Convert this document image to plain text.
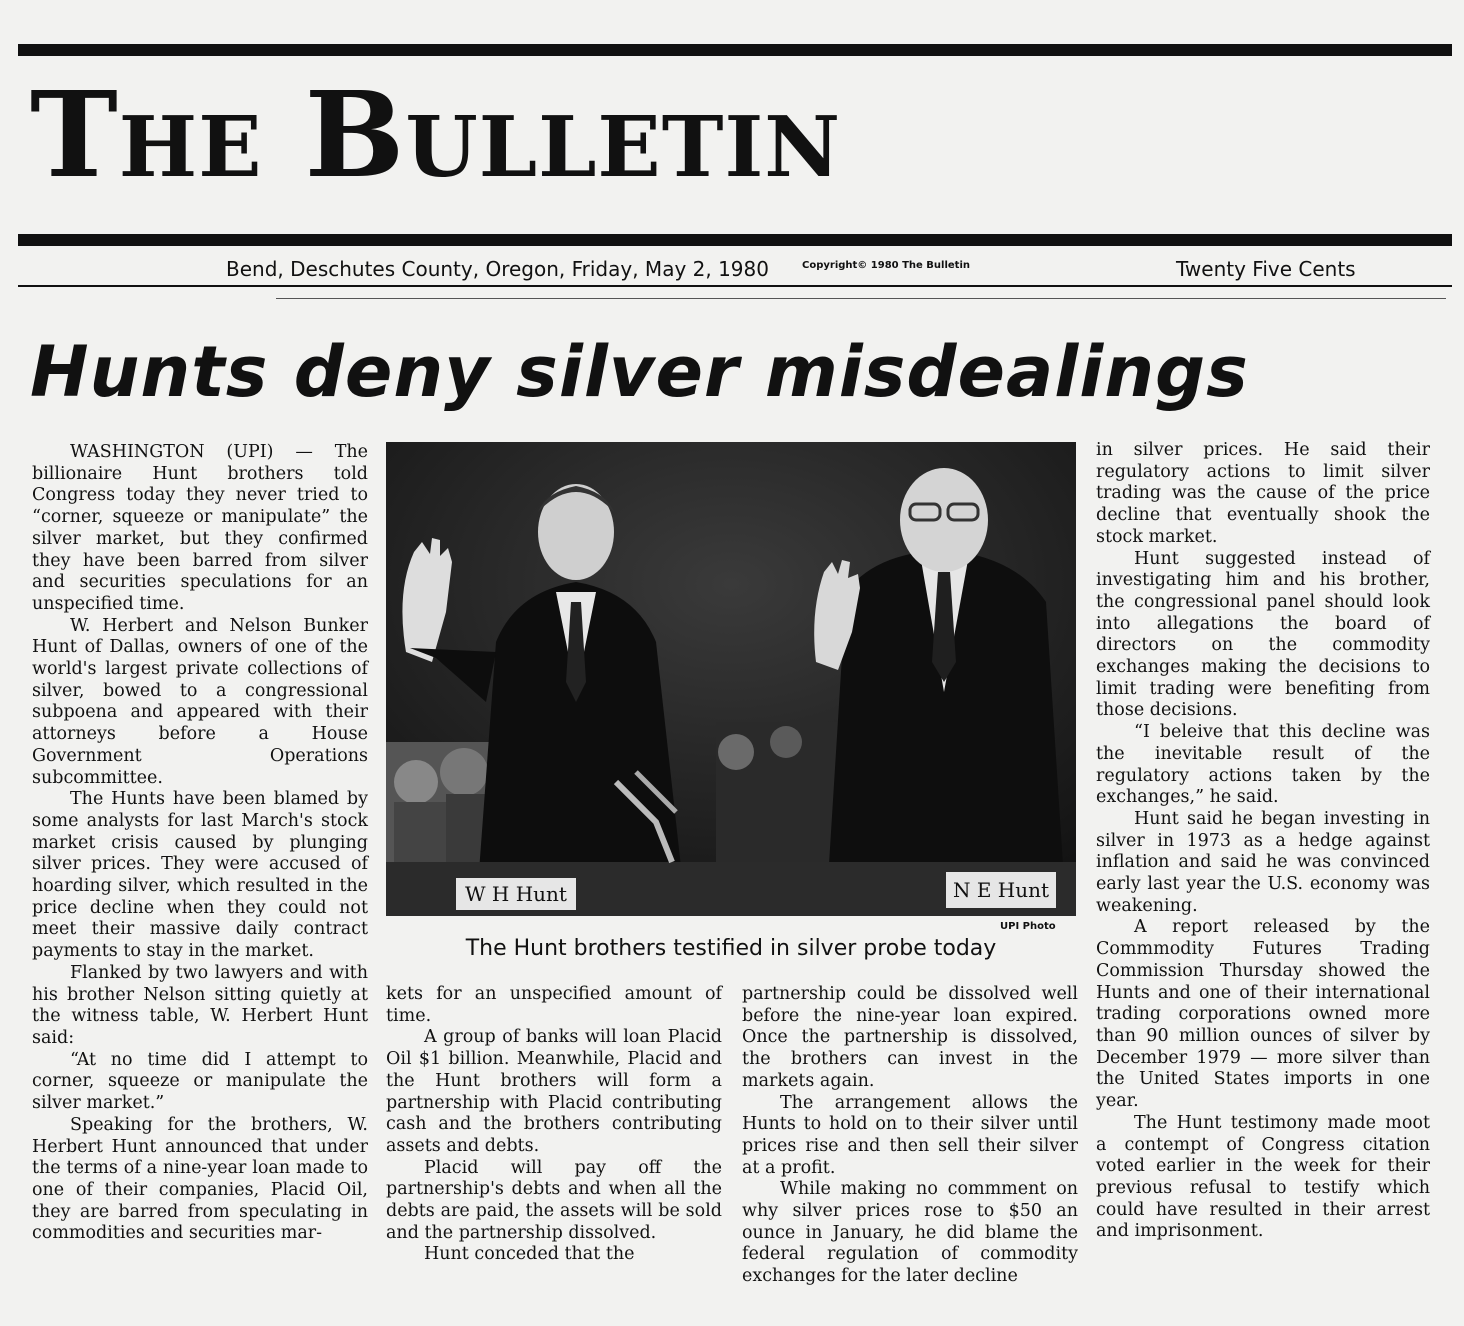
The Bulletin
Bend, Deschutes County, Oregon, Friday, May 2, 1980	Copyright© 1980 The Bulletin	Twenty Five Cents
Hunts deny silver misdealings
W H Hunt	N E Hunt
UPI Photo
The Hunt brothers testified in silver probe today

WASHINGTON (UPI) — The billionaire Hunt brothers told Congress today they never tried to “corner, squeeze or manipulate” the silver market, but they confirmed they have been barred from silver and securities speculations for an unspecified time.

W. Herbert and Nelson Bunker Hunt of Dallas, owners of one of the world's largest private collections of silver, bowed to a congressional subpoena and appeared with their attorneys before a House Government Operations subcommittee.

The Hunts have been blamed by some analysts for last March's stock market crisis caused by plunging silver prices. They were accused of hoarding silver, which resulted in the price decline when they could not meet their massive daily contract payments to stay in the market.

Flanked by two lawyers and with his brother Nelson sitting quietly at the witness table, W. Herbert Hunt said:

“At no time did I attempt to corner, squeeze or manipulate the silver market.”

Speaking for the brothers, W. Herbert Hunt announced that under the terms of a nine-year loan made to one of their companies, Placid Oil, they are barred from speculating in commodities and securities mar-

kets for an unspecified amount of time.

A group of banks will loan Placid Oil $1 billion. Meanwhile, Placid and the Hunt brothers will form a partnership with Placid contributing cash and the brothers contributing assets and debts.

Placid will pay off the partnership's debts and when all the debts are paid, the assets will be sold and the partnership dissolved.

Hunt conceded that the

partnership could be dissolved well before the nine-year loan expired. Once the partnership is dissolved, the brothers can invest in the markets again.

The arrangement allows the Hunts to hold on to their silver until prices rise and then sell their silver at a profit.

While making no commment on why silver prices rose to $50 an ounce in January, he did blame the federal regulation of commodity exchanges for the later decline

in silver prices. He said their regulatory actions to limit silver trading was the cause of the price decline that eventually shook the stock market.

Hunt suggested instead of investigating him and his brother, the congressional panel should look into allegations the board of directors on the commodity exchanges making the decisions to limit trading were benefiting from those decisions.

“I beleive that this decline was the inevitable result of the regulatory actions taken by the exchanges,” he said.

Hunt said he began investing in silver in 1973 as a hedge against inflation and said he was convinced early last year the U.S. economy was weakening.

A report released by the Commmodity Futures Trading Commission Thursday showed the Hunts and one of their international trading corporations owned more than 90 million ounces of silver by December 1979 — more silver than the United States imports in one year.

The Hunt testimony made moot a contempt of Congress citation voted earlier in the week for their previous refusal to testify which could have resulted in their arrest and imprisonment.
